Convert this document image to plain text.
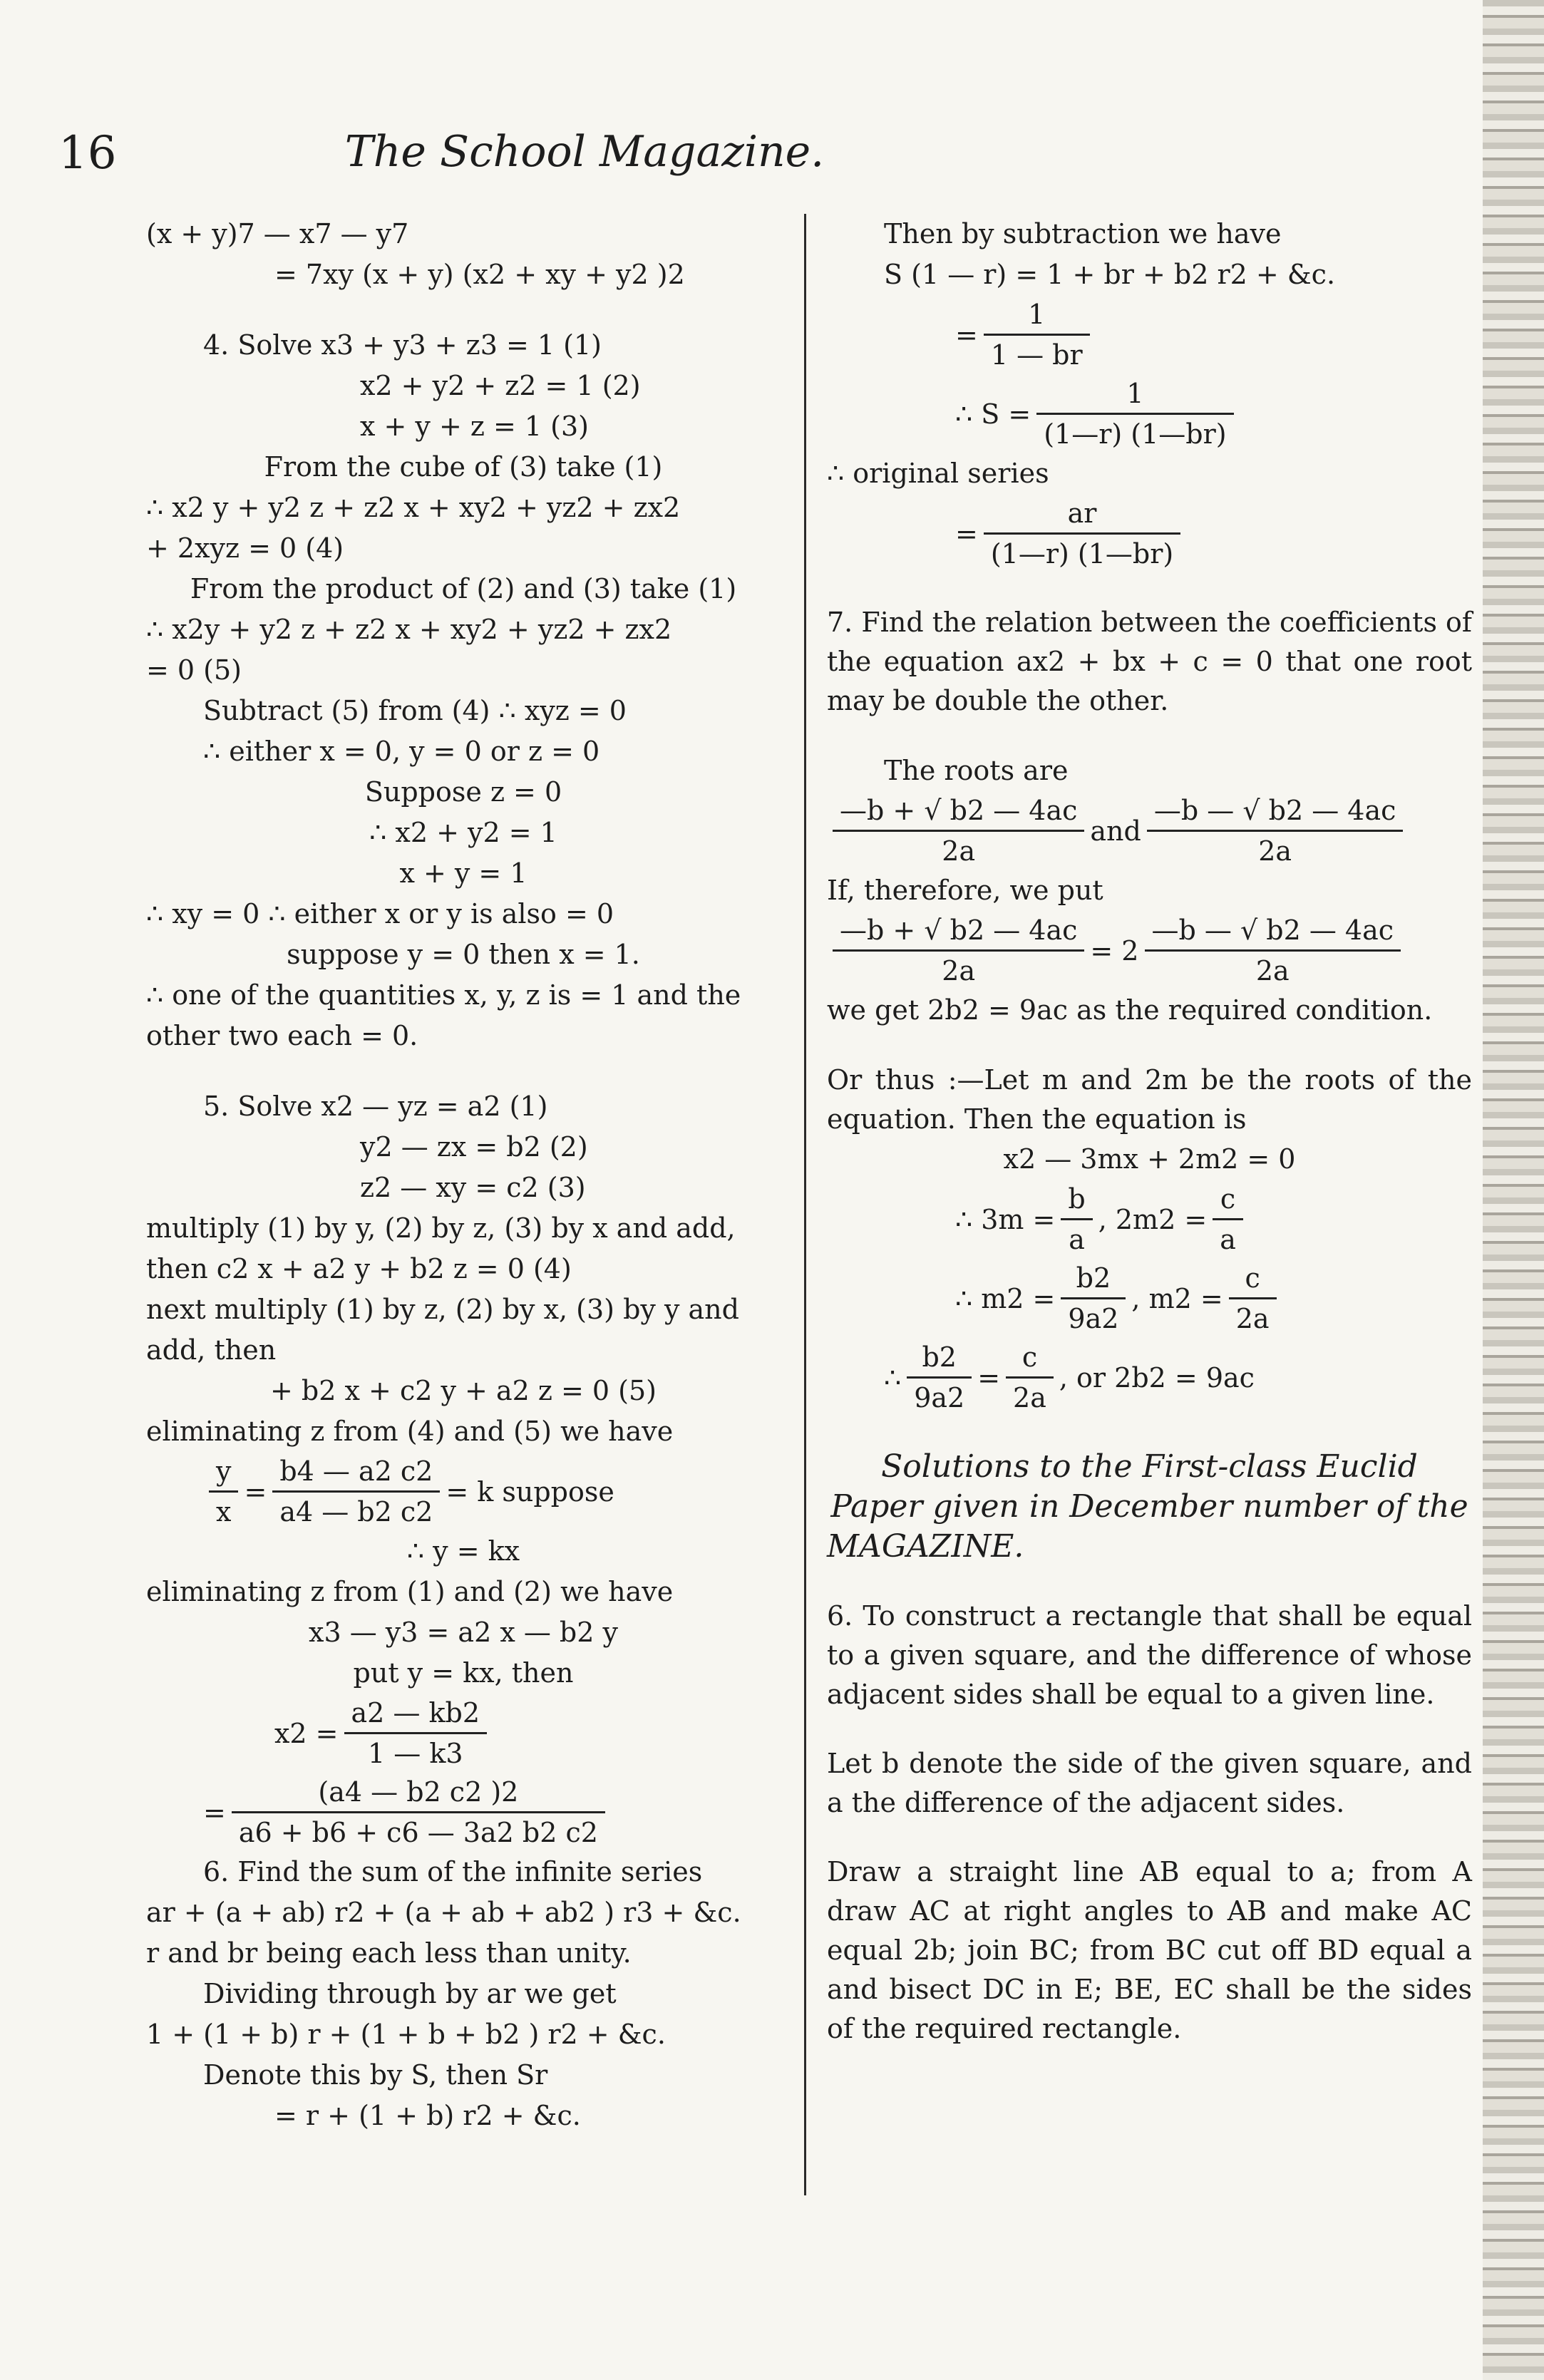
16	The School Magazine.
(x + y)7 — x7 — y7
= 7xy (x + y) (x2 + xy + y2 )2
4. Solve x3 + y3 + z3 = 1 (1)
x2 + y2 + z2 = 1 (2)
x + y + z = 1 (3)
From the cube of (3) take (1)
∴ x2 y + y2 z + z2 x + xy2 + yz2 + zx2
+ 2xyz = 0 (4)
From the product of (2) and (3) take (1)
∴ x2y + y2 z + z2 x + xy2 + yz2 + zx2
= 0 (5)
Subtract (5) from (4) ∴ xyz = 0
∴ either x = 0, y = 0 or z = 0
Suppose z = 0
∴ x2 + y2 = 1
x + y = 1
∴ xy = 0 ∴ either x or y is also = 0
suppose y = 0 then x = 1.
∴ one of the quantities x, y, z is = 1 and the
other two each = 0.
5. Solve x2 — yz = a2 (1)
y2 — zx = b2 (2)
z2 — xy = c2 (3)
multiply (1) by y, (2) by z, (3) by x and add,
then c2 x + a2 y + b2 z = 0 (4)
next multiply (1) by z, (2) by x, (3) by y and
add, then
+ b2 x + c2 y + a2 z = 0 (5)
eliminating z from (4) and (5) we have
$\frac{y}{x} = \frac{b4 — a2 c2}{a4 — b2 c2} = k$ suppose
∴ y = kx
eliminating z from (1) and (2) we have
x3 — y3 = a2 x — b2 y
put y = kx, then
$x2 = \frac{a2 — kb2}{1 — k3}$
= $\frac{(a4 — b2 c2 )2}{a6 + b6 + c6 — 3a2 b2 c2}$
6. Find the sum of the infinite series
ar + (a + ab) r2 + (a + ab + ab2 ) r3 + &c.
r and br being each less than unity.
Dividing through by ar we get
1 + (1 + b) r + (1 + b + b2 ) r2 + &c.
Denote this by S, then Sr
= r + (1 + b) r2 + &c.
Then by subtraction we have
S (1 — r) = 1 + br + b2 r2 + &c.
= $\frac{1}{1 — br}$
∴ $S = \frac{1}{(1—r) (1—br)}$
∴ original series
= $\frac{ar}{(1—r) (1—br)}$
7. Find the relation between the coefficients of the equation ax2 + bx + c = 0 that one root may be double the other.
The roots are
$\frac{—b + √ b2 — 4ac}{2a}$ and $\frac{—b — √ b2 — 4ac}{2a}$
If, therefore, we put
$\frac{—b + √ b2 — 4ac}{2a} = 2 \frac{—b — √ b2 — 4ac}{2a}$
we get 2b2 = 9ac as the required condition.
Or thus :—Let m and 2m be the roots of the equation. Then the equation is
x2 — 3mx + 2m2 = 0
∴ $3m = \frac{b}{a}$ , $2m2 = \frac{c}{a}$
∴ $m2 = \frac{b2}{9a2}$ , $m2 = \frac{c}{2a}$
∴ $\frac{b2}{9a2} = \frac{c}{2a}$ , or 2b2 = 9ac
Solutions to the First-class Euclid
Paper given in December number of the
MAGAZINE.
6. To construct a rectangle that shall be equal to a given square, and the difference of whose adjacent sides shall be equal to a given line.
Let b denote the side of the given square, and a the difference of the adjacent sides.
Draw a straight line AB equal to a; from A draw AC at right angles to AB and make AC equal 2b; join BC; from BC cut off BD equal a and bisect DC in E; BE, EC shall be the sides of the required rectangle.
